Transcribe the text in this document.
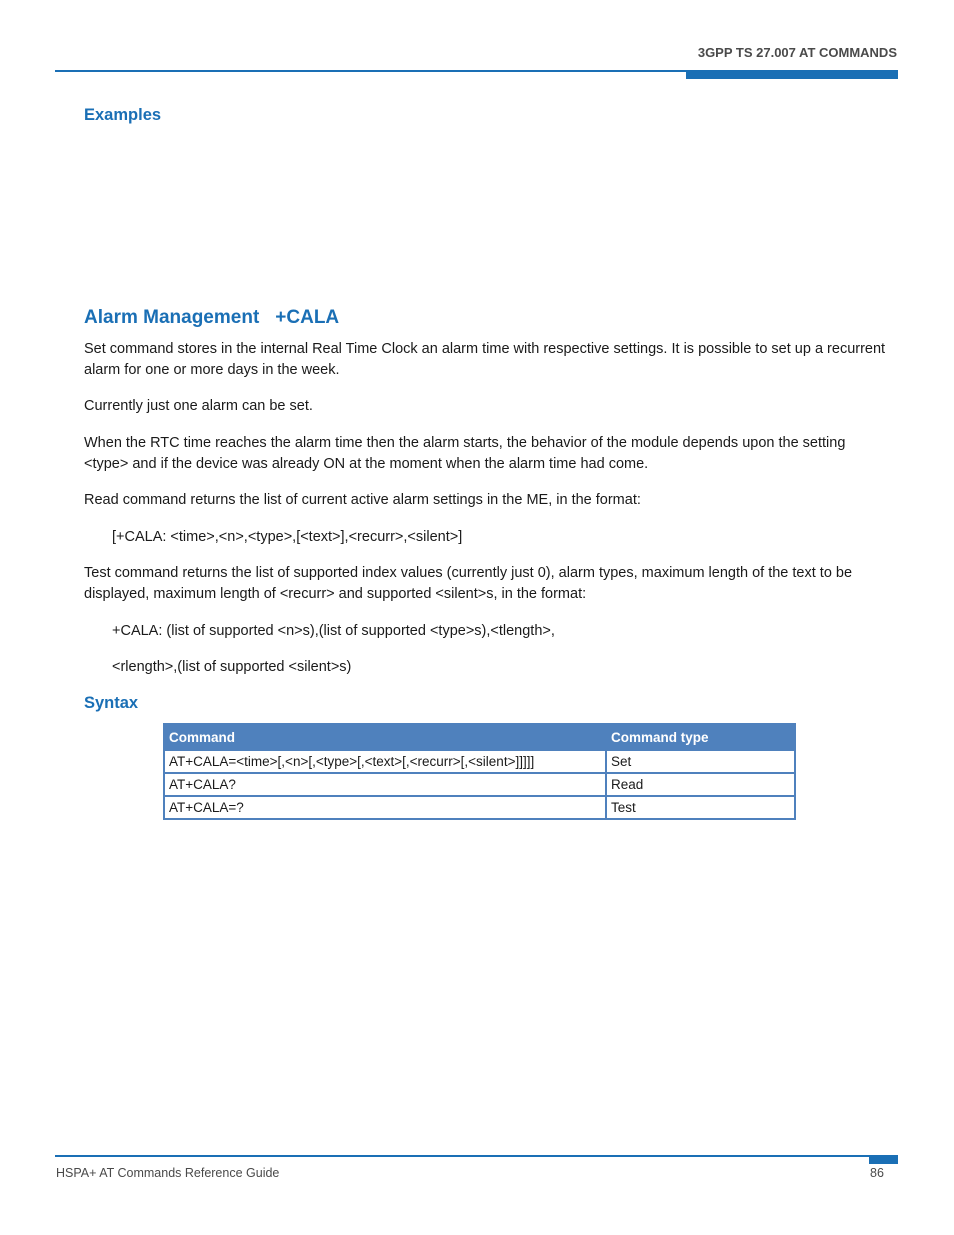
3GPP TS 27.007 AT COMMANDS
Examples
Alarm Management +CALA
Set command stores in the internal Real Time Clock an alarm time with respective settings. It is possible to set up a recurrent alarm for one or more days in the week.
Currently just one alarm can be set.
When the RTC time reaches the alarm time then the alarm starts, the behavior of the module depends upon the setting <type> and if the device was already ON at the moment when the alarm time had come.
Read command returns the list of current active alarm settings in the ME, in the format:
[+CALA: <time>,<n>,<type>,[<text>],<recurr>,<silent>]
Test command returns the list of supported index values (currently just 0), alarm types, maximum length of the text to be displayed, maximum length of <recurr> and supported <silent>s, in the format:
+CALA: (list of supported <n>s),(list of supported <type>s),<tlength>,
<rlength>,(list of supported <silent>s)
Syntax
Command	Command type
AT+CALA=<time>[,<n>[,<type>[,<text>[,<recurr>[,<silent>]]]]]	Set
AT+CALA?	Read
AT+CALA=?	Test
HSPA+ AT Commands Reference Guide	86
